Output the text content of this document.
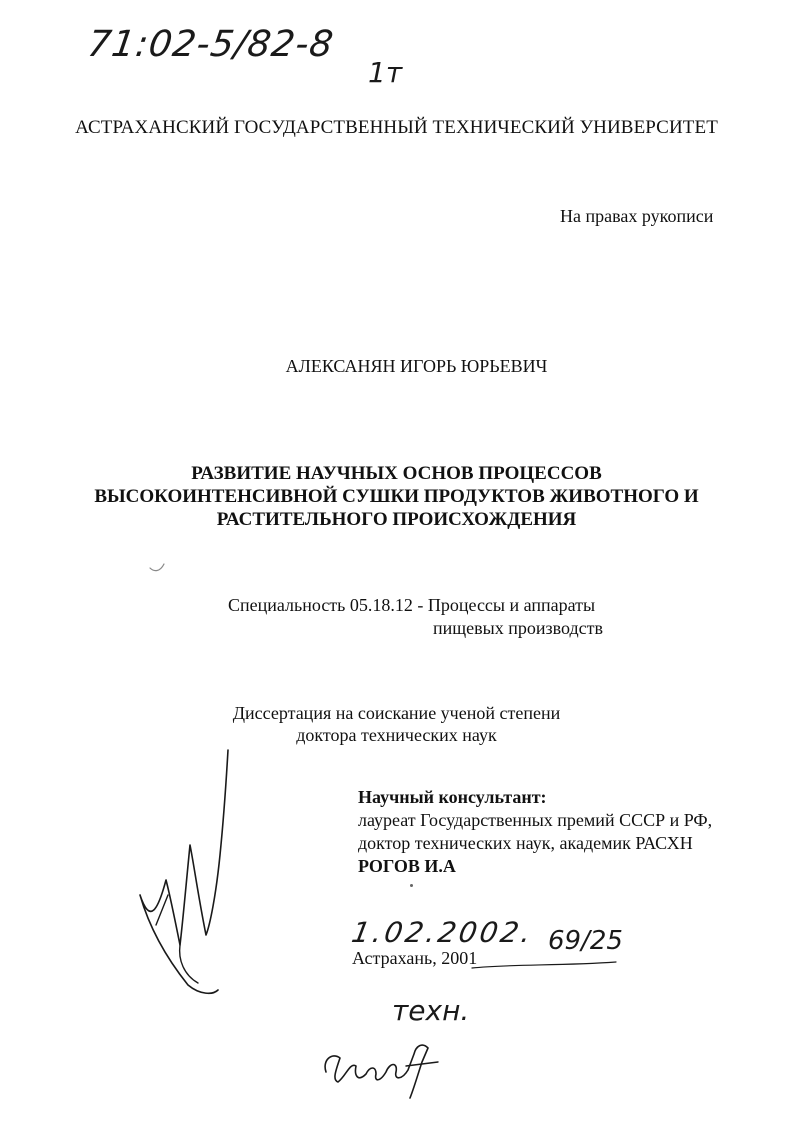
71:02-5/82-8
1т
АСТРАХАНСКИЙ ГОСУДАРСТВЕННЫЙ ТЕХНИЧЕСКИЙ УНИВЕРСИТЕТ
На правах рукописи
АЛЕКСАНЯН ИГОРЬ ЮРЬЕВИЧ
РАЗВИТИЕ НАУЧНЫХ ОСНОВ ПРОЦЕССОВ
ВЫСОКОИНТЕНСИВНОЙ СУШКИ ПРОДУКТОВ ЖИВОТНОГО И
РАСТИТЕЛЬНОГО ПРОИСХОЖДЕНИЯ
Специальность 05.18.12 - Процессы и аппараты
пищевых производств
Диссертация на соискание ученой степени
доктора технических наук
Научный консультант:
лауреат Государственных премий СССР и РФ,
доктор технических наук, академик РАСХН
РОГОВ И.А
1.02.2002. 69/25
Астрахань, 2001
техн.
